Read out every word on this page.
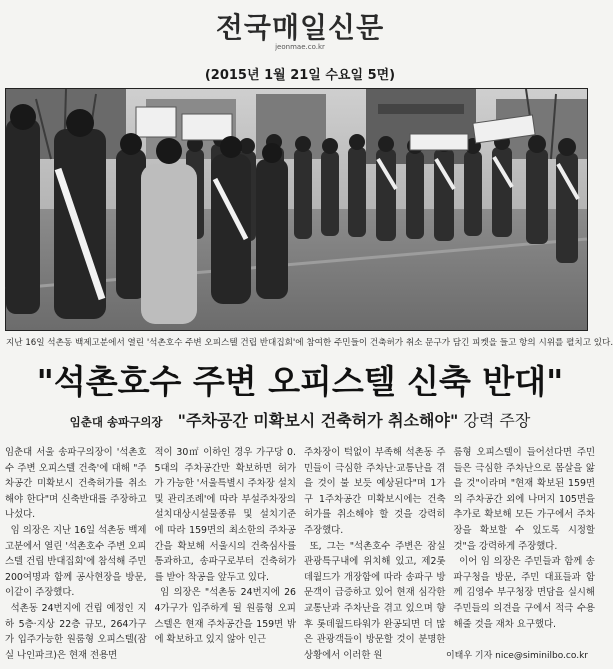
전국매일신문
jeonmae.co.kr
(2015년 1월 21일 수요일 5면)
지난 16일 석촌동 백제고분에서 열린 '석촌호수 주변 오피스텔 건립 반대집회'에 참여한 주민들이 건축허가 취소 문구가 담긴 피켓을 들고 항의 시위를 펼치고 있다.
"석촌호수 주변 오피스텔 신축 반대"
임춘대 송파구의장 "주차공간 미확보시 건축허가 취소해야" 강력 주장

임춘대 서울 송파구의장이 '석촌호수 주변 오피스텔 건축'에 대해 "주차공간 미확보시 건축허가를 취소해야 한다"며 신축반대를 주장하고 나섰다.

임 의장은 지난 16일 석촌동 백제고분에서 열린 '석촌호수 주변 오피스텔 건립 반대집회'에 참석해 주민 200여명과 함께 공사현장을 방문, 이같이 주장했다.

석촌동 24번지에 건립 예정인 지하 5층·지상 22층 규모, 264가구가 입주가능한 원룸형 오피스텔(잠실 나인파크)은 현재 전용면

적이 30㎡ 이하인 경우 가구당 0.5대의 주차공간만 확보하면 허가가 가능한 '서울특별시 주차장 설치 및 관리조례'에 따라 부설주차장의 설치대상시설물종류 및 설치기준에 따라 159면의 최소한의 주차공간을 확보해 서울시의 건축심사를 통과하고, 송파구로부터 건축허가를 받아 착공을 앞두고 있다.

임 의장은 "석촌동 24번지에 264가구가 입주하게 될 원룸형 오피스텔은 현재 주차공간을 159면 밖에 확보하고 있지 않아 인근

주차장이 턱없이 부족해 석촌동 주민들이 극심한 주차난·교통난을 겪을 것이 불 보듯 예상된다"며 1가구 1주차공간 미확보시에는 건축허가를 취소해야 할 것을 강력히 주장했다.

또, 그는 "석촌호수 주변은 잠실 관광특구내에 위치해 있고, 제2롯데월드가 개장함에 따라 송파구 방문객이 급증하고 있어 현재 심각한 교통난과 주차난을 겪고 있으며 향후 롯데월드타워가 완공되면 더 많은 관광객들이 방문할 것이 분명한 상황에서 이러한 원

룸형 오피스텔이 들어선다면 주민들은 극심한 주차난으로 몸살을 앓을 것"이라며 "현재 확보된 159면의 주차공간 외에 나머지 105면을 추가로 확보해 모든 가구에서 주차장을 확보할 수 있도록 시정할 것"을 강력하게 주장했다.

이어 임 의장은 주민들과 함께 송파구청을 방문, 주민 대표들과 함께 김영수 부구청장 면담을 실시해 주민들의 의견을 구에서 적극 수용해줄 것을 재차 요구했다.

이태우 기자 nice@siminilbo.co.kr
